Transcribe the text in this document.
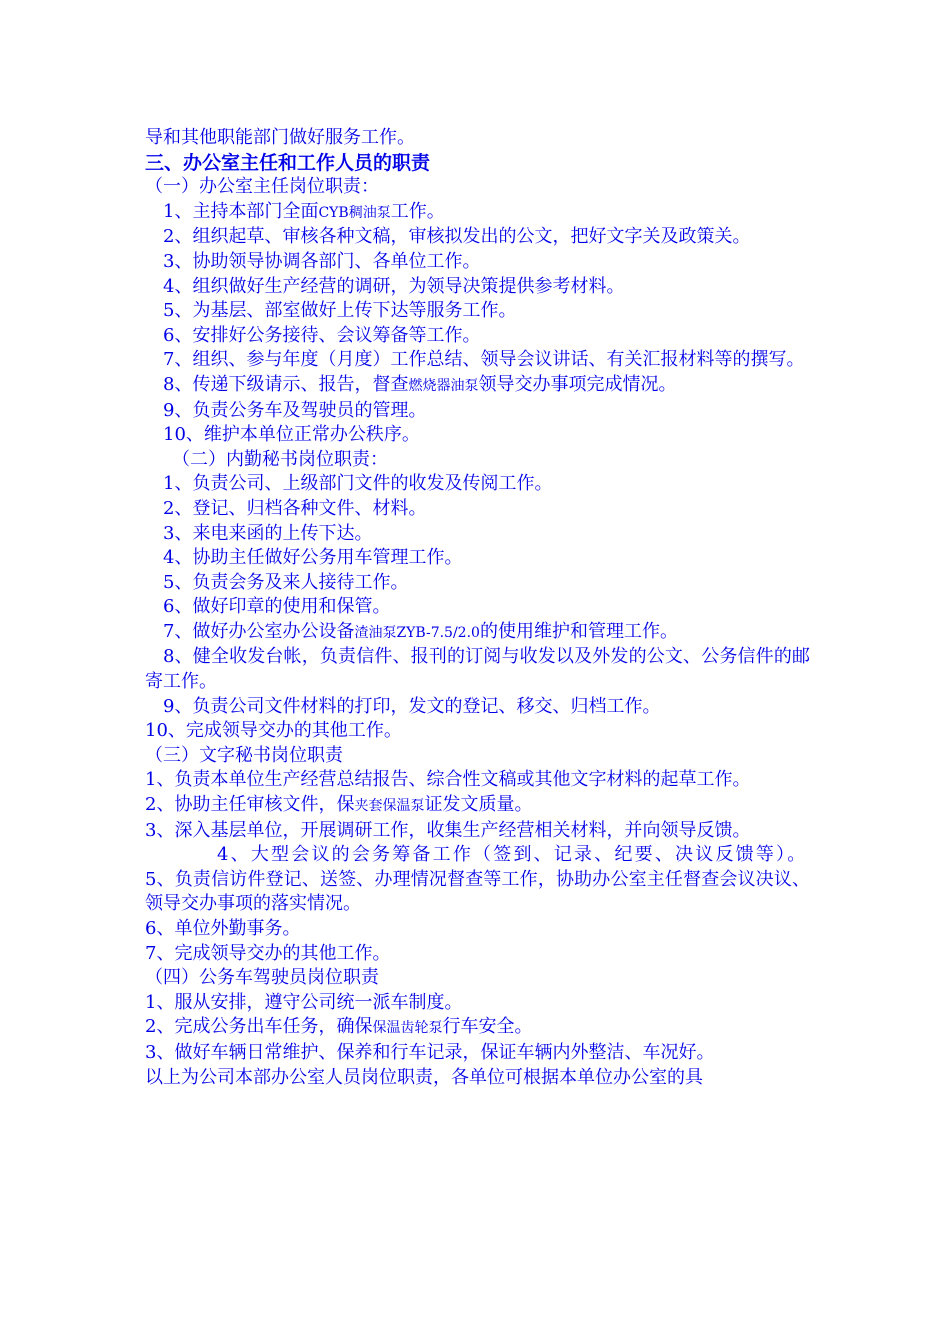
导和其他职能部门做好服务工作。

三、办公室主任和工作人员的职责

（一）办公室主任岗位职责：

1、主持本部门全面CYB稠油泵工作。

2、组织起草、审核各种文稿，审核拟发出的公文，把好文字关及政策关。

3、协助领导协调各部门、各单位工作。

4、组织做好生产经营的调研，为领导决策提供参考材料。

5、为基层、部室做好上传下达等服务工作。

6、安排好公务接待、会议筹备等工作。

7、组织、参与年度（月度）工作总结、领导会议讲话、有关汇报材料等的撰写。

8、传递下级请示、报告，督查燃烧器油泵领导交办事项完成情况。

9、负责公务车及驾驶员的管理。

10、维护本单位正常办公秩序。

（二）内勤秘书岗位职责：

1、负责公司、上级部门文件的收发及传阅工作。

2、登记、归档各种文件、材料。

3、来电来函的上传下达。

4、协助主任做好公务用车管理工作。

5、负责会务及来人接待工作。

6、做好印章的使用和保管。

7、做好办公室办公设备渣油泵ZYB-7.5/2.0的使用维护和管理工作。

8、健全收发台帐，负责信件、报刊的订阅与收发以及外发的公文、公务信件的邮寄工作。

9、负责公司文件材料的打印，发文的登记、移交、归档工作。

10、完成领导交办的其他工作。

（三）文字秘书岗位职责

1、负责本单位生产经营总结报告、综合性文稿或其他文字材料的起草工作。

2、协助主任审核文件，保夹套保温泵证发文质量。

3、深入基层单位，开展调研工作，收集生产经营相关材料，并向领导反馈。

4、大型会议的会务筹备工作（签到、记录、纪要、决议反馈等）。

5、负责信访件登记、送签、办理情况督查等工作，协助办公室主任督查会议决议、领导交办事项的落实情况。

6、单位外勤事务。

7、完成领导交办的其他工作。

（四）公务车驾驶员岗位职责

1、服从安排，遵守公司统一派车制度。

2、完成公务出车任务，确保保温齿轮泵行车安全。

3、做好车辆日常维护、保养和行车记录，保证车辆内外整洁、车况好。

以上为公司本部办公室人员岗位职责，各单位可根据本单位办公室的具
